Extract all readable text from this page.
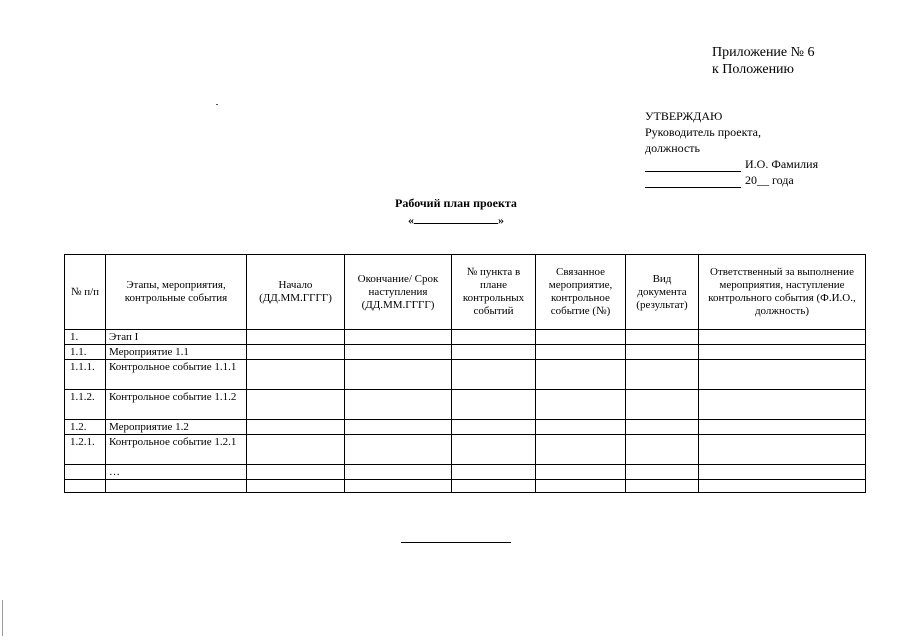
Приложение № 6
к Положению
УТВЕРЖДАЮ
Руководитель проекта,
должность
И.О. Фамилия
20__ года
Рабочий план проекта
«	»
№ п/п	Этапы, мероприятия, контрольные события	Начало (ДД.ММ.ГГГГ)	Окончание/ Срок наступления (ДД.ММ.ГГГГ)	№ пункта в плане контрольных событий	Связанное мероприятие, контрольное событие (№)	Вид документа (результат)	Ответственный за выполнение мероприятия, наступление контрольного события (Ф.И.О., должность)
1.	Этап I						
1.1.	Мероприятие 1.1						
1.1.1.	Контрольное событие 1.1.1						
1.1.2.	Контрольное событие 1.1.2						
1.2.	Мероприятие 1.2						
1.2.1.	Контрольное событие 1.2.1						
	…						
